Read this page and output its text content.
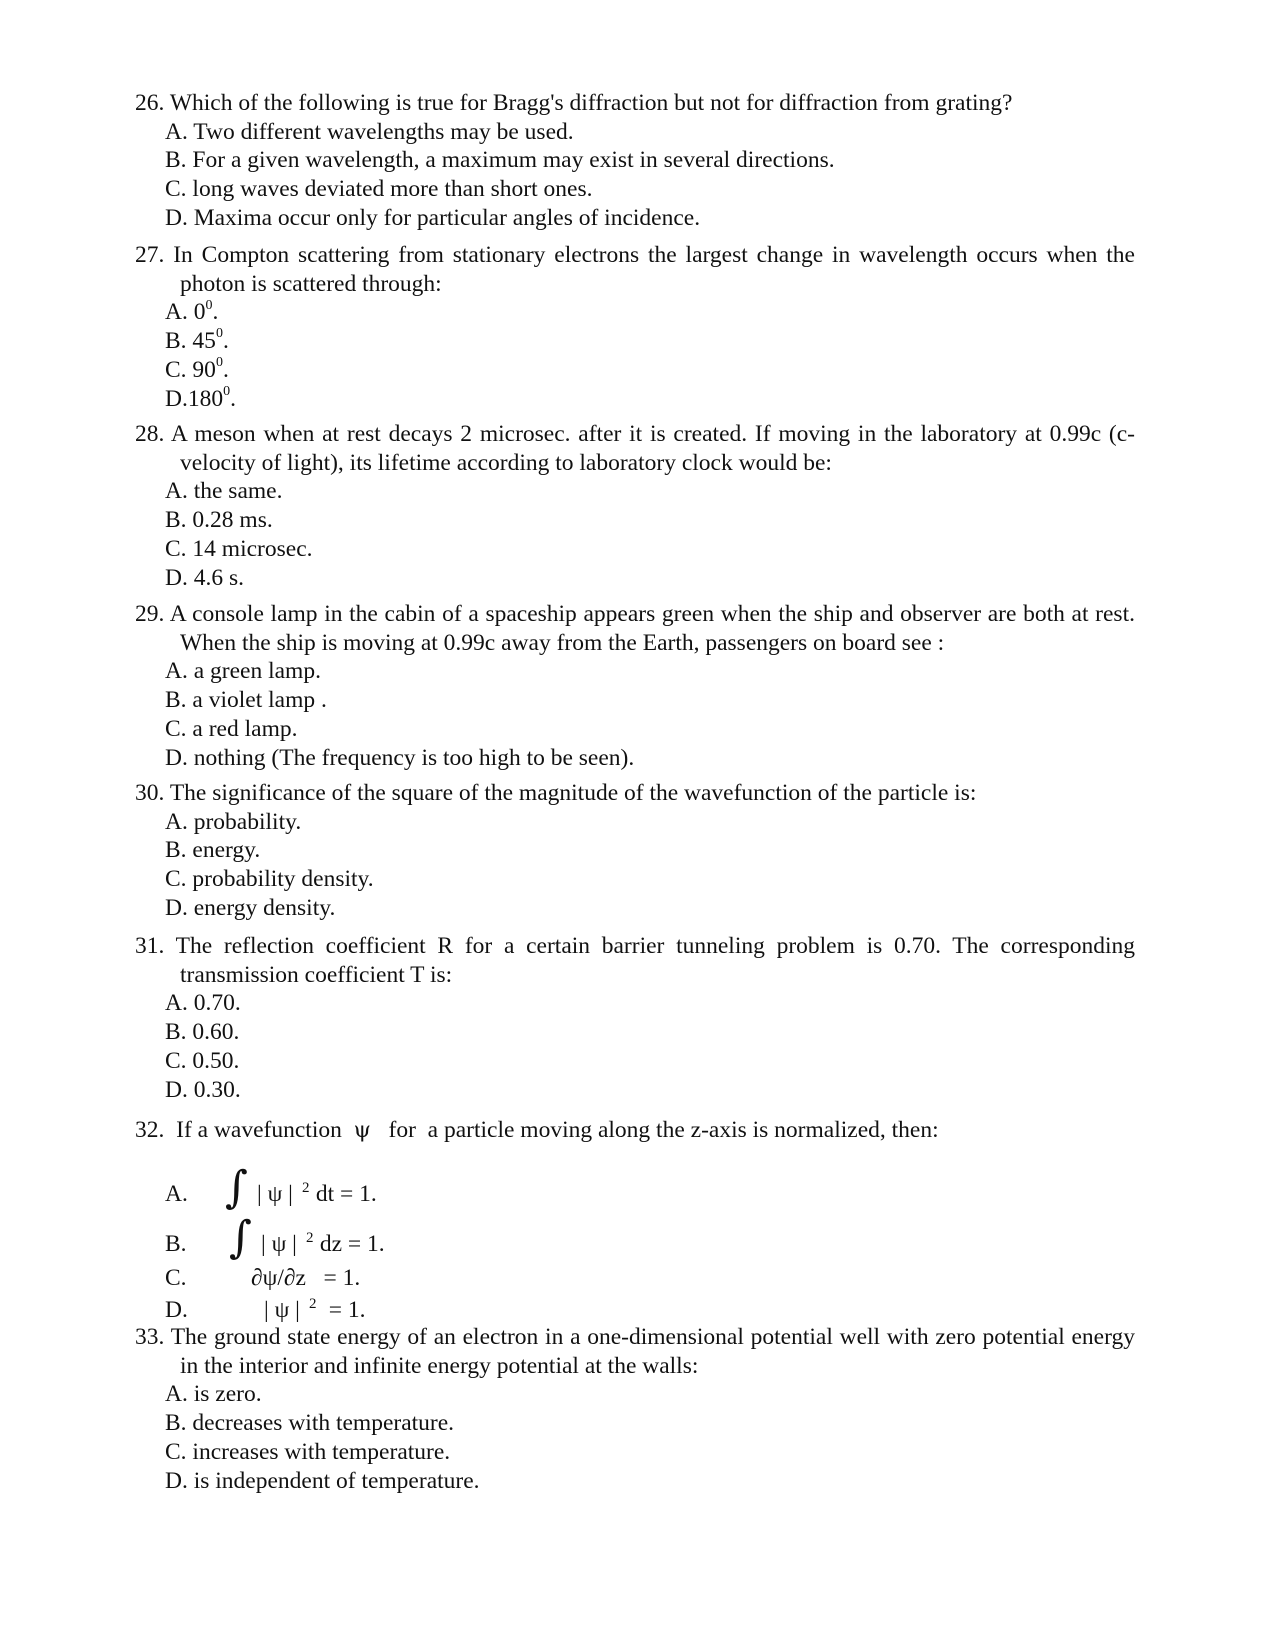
26. Which of the following is true for Bragg's diffraction but not for diffraction from grating?
A. Two different wavelengths may be used.
B. For a given wavelength, a maximum may exist in several directions.
C. long waves deviated more than short ones.
D. Maxima occur only for particular angles of incidence.
27. In Compton scattering from stationary electrons the largest change in wavelength occurs when the photon is scattered through:
A. $0^0$.
B. $45^0$.
C. $90^0$.
D.180$^0$.
28. A meson when at rest decays 2 microsec. after it is created. If moving in the laboratory at 0.99c (c-velocity of light), its lifetime according to laboratory clock would be:
A. the same.
B. 0.28 ms.
C. 14 microsec.
D. 4.6 s.
29. A console lamp in the cabin of a spaceship appears green when the ship and observer are both at rest. When the ship is moving at 0.99c away from the Earth, passengers on board see :
A. a green lamp.
B. a violet lamp .
C. a red lamp.
D. nothing (The frequency is too high to be seen).
30. The significance of the square of the magnitude of the wavefunction of the particle is:
A. probability.
B. energy.
C. probability density.
D. energy density.
31. The reflection coefficient R for a certain barrier tunneling problem is 0.70. The corresponding transmission coefficient T is:
A. 0.70.
B. 0.60.
C. 0.50.
D. 0.30.
32.  If a wavefunction  ψ   for  a particle moving along the z-axis is normalized, then:
A. ∫ | ψ | 2 dt = 1.
B. ∫ | ψ | 2 dz = 1.
C.	∂ψ/∂z   = 1.
D.	| ψ | 2 = 1.
33. The ground state energy of an electron in a one-dimensional potential well with zero potential energy in the interior and infinite energy potential at the walls:
A. is zero.
B. decreases with temperature.
C. increases with temperature.
D. is independent of temperature.
